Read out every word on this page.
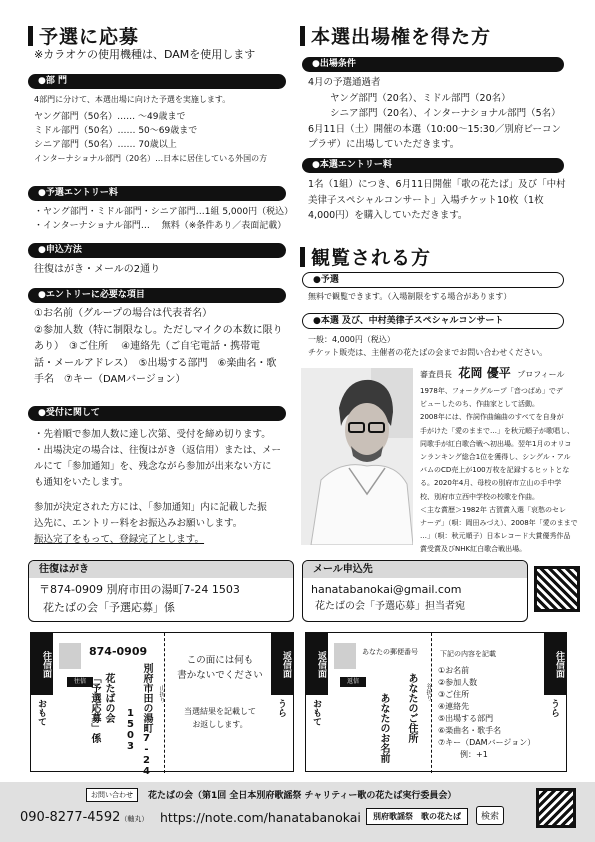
予選に応募
※カラオケの使用機種は、DAMを使用します
●部 門
4部門に分けて、本選出場に向けた予選を実施します。
ヤング部門（50名）…… 〜49歳まで
ミドル部門（50名）…… 50〜69歳まで
シニア部門（50名）…… 70歳以上
インターナショナル部門（20名）…日本に居住している外国の方
●予選エントリー料
・ヤング部門・ミドル部門・シニア部門…1組 5,000円（税込）
・インターナショナル部門…　 無料（※条件あり／表面記載）
●申込方法
往復はがき・メールの2通り
●エントリーに必要な項目
①お名前（グループの場合は代表者名）
②参加人数（特に制限なし。ただしマイクの本数に限り
あり）　③ご住所　 ④連絡先（ご自宅電話・携帯電
話・メールアドレス）　⑤出場する部門　⑥楽曲名・歌
手名　⑦キー（DAMバージョン）
●受付に関して
・先着順で参加人数に達し次第、受付を締め切ります。
・出場決定の場合は、往復はがき（返信用）または、メー
ルにて「参加通知」を、残念ながら参加が出来ない方に
も通知をいたします。
参加が決定された方には、「参加通知」内に記載した振
込先に、エントリー料をお振込みお願いします。
振込完了をもって、登録完了とします。
往復はがき
〒874-0909 別府市田の湯町7-24 1503
花たばの会「予選応募」係
本選出場権を得た方
●出場条件
4月の予選通過者
ヤング部門（20名）、ミドル部門（20名）
シニア部門（20名）、インターナショナル部門（5名）
6月11日（土）開催の本選（10:00〜15:30／別府ビーコン
プラザ）に出場していただきます。
●本選エントリー料
1名（1組）につき、6月11日開催「歌の花たば」及び「中村
美律子スペシャルコンサート」入場チケット10枚（1枚
4,000円）を購入していただきます。
観覧される方
●予選
無料で観覧できます。（入場制限をする場合があります）
●本選 及び、中村美律子スペシャルコンサート
一般：4,000円（税込）
チケット販売は、主催者の花たばの会までお問い合わせください。
審査員長 花岡 優平 プロフィール
1978年、フォークグループ「音つばめ」でデ
ビューしたのち、作曲家として活動。
2008年には、作詞作曲編曲のすべてを自身が
手がけた「愛のままで…」を秋元順子が歌唱し、
同歌手が紅白歌合戦へ初出場。翌年1月のオリコ
ンランキング総合1位を獲得し、シングル・アル
バムのCD売上が100万枚を記録するヒットとな
る。2020年4月、母校の別府市立山の手中学
校、別府市立西中学校の校歌を作曲。
＜主な賞歴＞1982年 古賀賞入選「哀愁のセレ
ナーデ」（唄：岡田みづえ）、2008年「愛のままで
…」（唄：秋元順子）日本レコード大賞優秀作品
賞受賞及びNHK紅白歌合戦出場。
メール申込先
hanatabanokai@gmail.com
花たばの会「予選応募」担当者宛
往信面
おもて
874-0909
往信	別府市田の湯町7-24
1503
花たばの会
「予選応募」係	山折り
この面には何も
書かないでください
当選結果を記載して
お返しします。
返信面
うら
返信面
おもて
あなたの郵便番号
返信	あなたのご住所
あなたのお名前
谷折り
下記の内容を記載
①お名前
②参加人数
③ご住所
④連絡先
⑤出場する部門
⑥楽曲名・歌手名
⑦キー（DAMバージョン）
例：+1
往信面
うら
お問い合わせ	花たばの会（第1回 全日本別府歌謡祭 チャリティー歌の花たば実行委員会）
090-8277-4592（軸丸） https://note.com/hanatabanokai	別府歌謡祭　歌の花たば	検索
